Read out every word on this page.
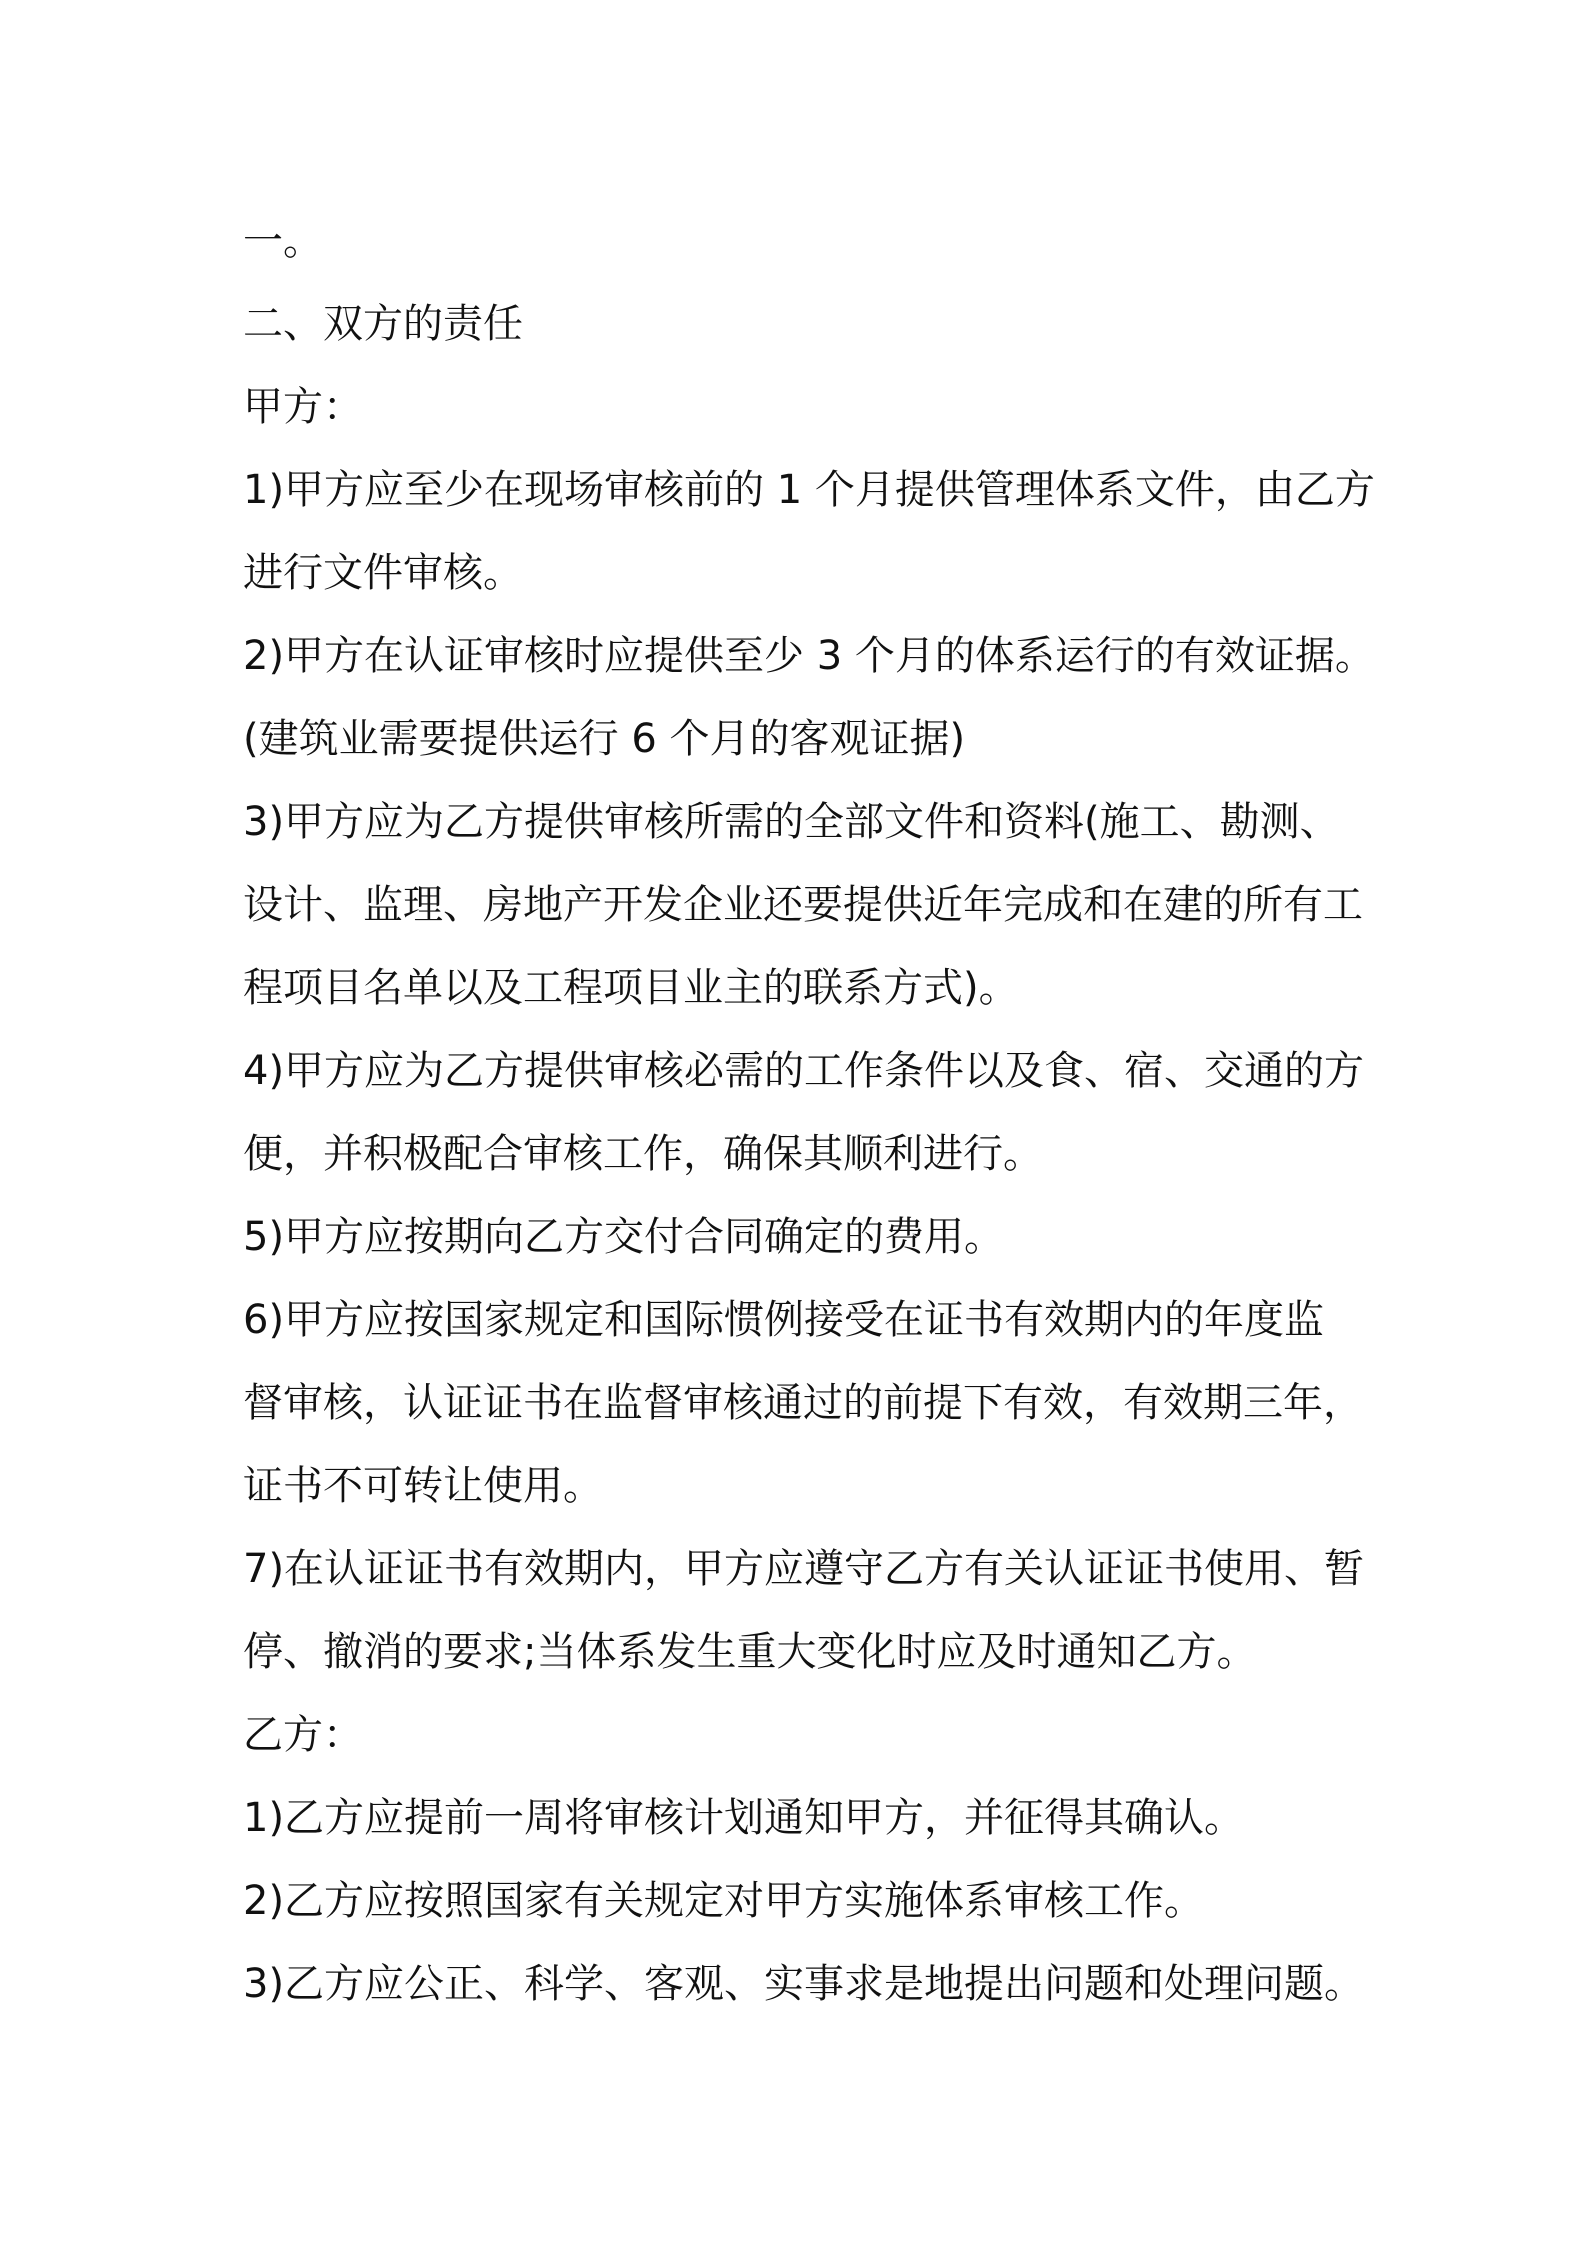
一。

二、双方的责任

甲方：

1)甲方应至少在现场审核前的 1 个月提供管理体系文件，由乙方

进行文件审核。

2)甲方在认证审核时应提供至少 3 个月的体系运行的有效证据。

(建筑业需要提供运行 6 个月的客观证据)

3)甲方应为乙方提供审核所需的全部文件和资料(施工、勘测、

设计、监理、房地产开发企业还要提供近年完成和在建的所有工

程项目名单以及工程项目业主的联系方式)。

4)甲方应为乙方提供审核必需的工作条件以及食、宿、交通的方

便，并积极配合审核工作，确保其顺利进行。

5)甲方应按期向乙方交付合同确定的费用。

6)甲方应按国家规定和国际惯例接受在证书有效期内的年度监

督审核，认证证书在监督审核通过的前提下有效，有效期三年，

证书不可转让使用。

7)在认证证书有效期内，甲方应遵守乙方有关认证证书使用、暂

停、撤消的要求;当体系发生重大变化时应及时通知乙方。

乙方：

1)乙方应提前一周将审核计划通知甲方，并征得其确认。

2)乙方应按照国家有关规定对甲方实施体系审核工作。

3)乙方应公正、科学、客观、实事求是地提出问题和处理问题。
